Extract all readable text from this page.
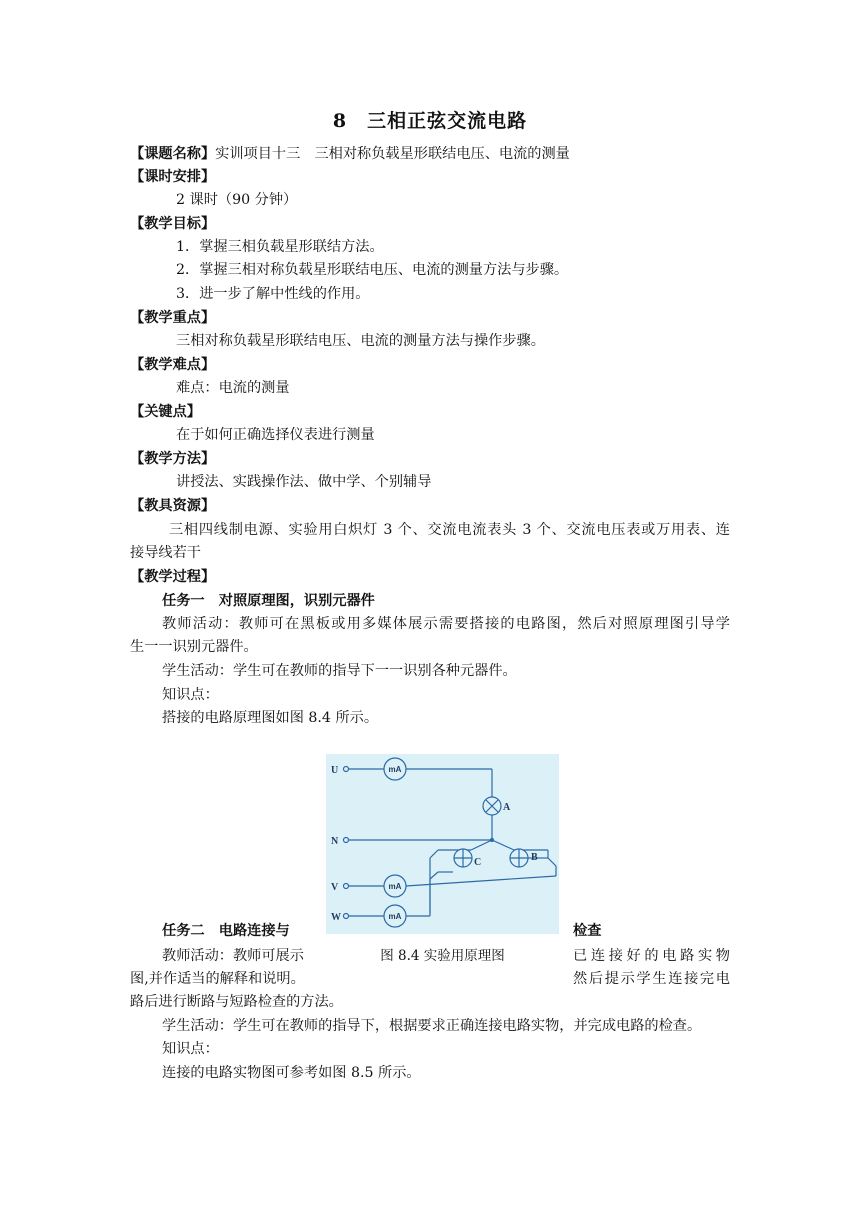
8 三相正弦交流电路
【课题名称】实训项目十三　三相对称负载星形联结电压、电流的测量
【课时安排】
2 课时（90 分钟）
【教学目标】
1．掌握三相负载星形联结方法。
2．掌握三相对称负载星形联结电压、电流的测量方法与步骤。
3．进一步了解中性线的作用。
【教学重点】
三相对称负载星形联结电压、电流的测量方法与操作步骤。
【教学难点】
难点：电流的测量
【关键点】
在于如何正确选择仪表进行测量
【教学方法】
讲授法、实践操作法、做中学、个别辅导
【教具资源】
三相四线制电源、实验用白炽灯 3 个、交流电流表头 3 个、交流电压表或万用表、连
接导线若干
【教学过程】
任务一　对照原理图，识别元器件
教师活动：教师可在黑板或用多媒体展示需要搭接的电路图，然后对照原理图引导学
生一一识别元器件。
学生活动：学生可在教师的指导下一一识别各种元器件。
知识点：
搭接的电路原理图如图 8.4 所示。
U
N
V
W
A
B
C
mA
mA
mA
图 8.4 实验用原理图
任务二　电路连接与	检查
教师活动：教师可展示	已连接好的电路实物
图,并作适当的解释和说明。	然后提示学生连接完电
路后进行断路与短路检查的方法。
学生活动：学生可在教师的指导下，根据要求正确连接电路实物，并完成电路的检查。
知识点：
连接的电路实物图可参考如图 8.5 所示。
